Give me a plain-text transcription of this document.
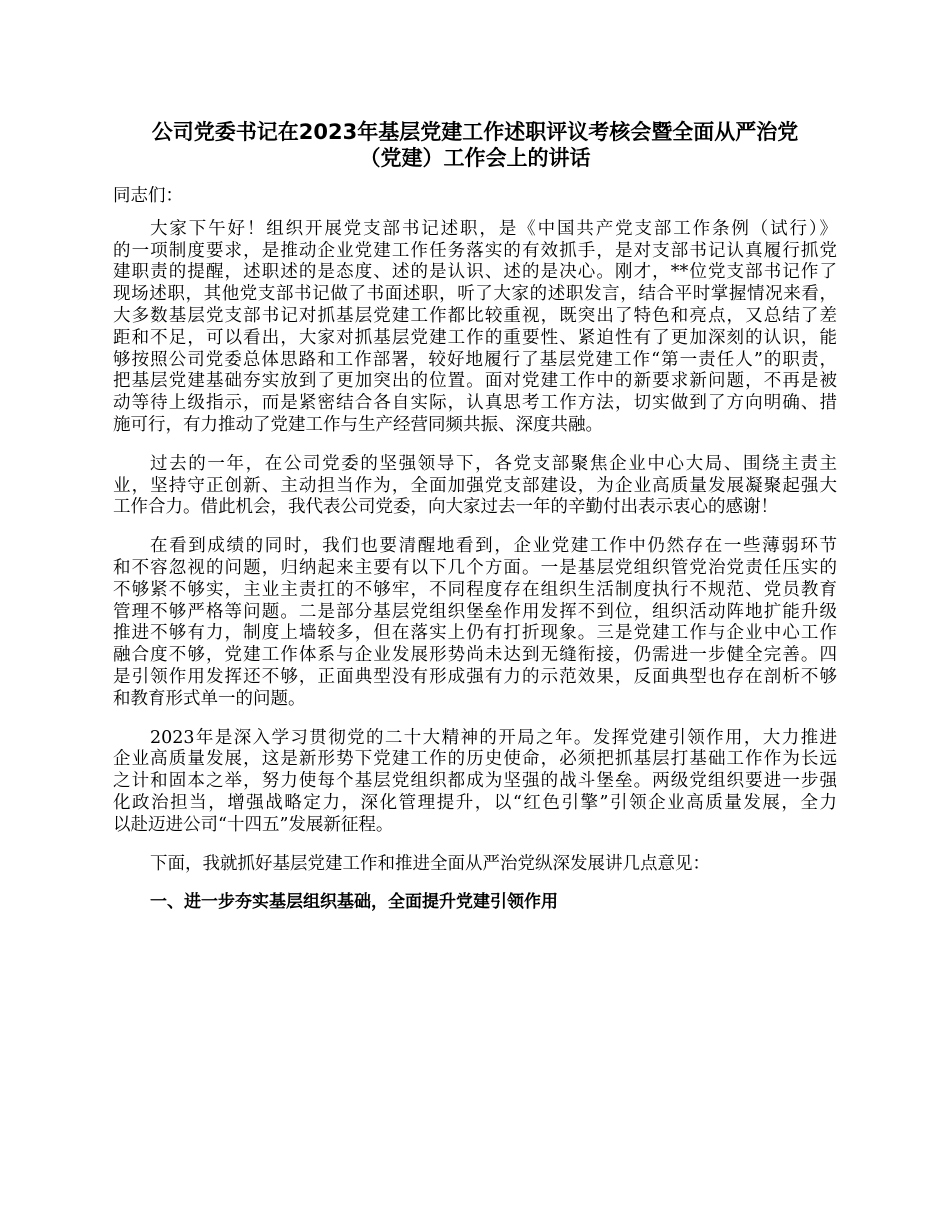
公司党委书记在2023年基层党建工作述职评议考核会暨全面从严治党
（党建）工作会上的讲话
同志们：
大家下午好！组织开展党支部书记述职，是《中国共产党支部工作条例（试行）》
的一项制度要求，是推动企业党建工作任务落实的有效抓手，是对支部书记认真履行抓党
建职责的提醒，述职述的是态度、述的是认识、述的是决心。刚才，**位党支部书记作了
现场述职，其他党支部书记做了书面述职，听了大家的述职发言，结合平时掌握情况来看，
大多数基层党支部书记对抓基层党建工作都比较重视，既突出了特色和亮点，又总结了差
距和不足，可以看出，大家对抓基层党建工作的重要性、紧迫性有了更加深刻的认识，能
够按照公司党委总体思路和工作部署，较好地履行了基层党建工作“第一责任人”的职责，
把基层党建基础夯实放到了更加突出的位置。面对党建工作中的新要求新问题，不再是被
动等待上级指示，而是紧密结合各自实际，认真思考工作方法，切实做到了方向明确、措
施可行，有力推动了党建工作与生产经营同频共振、深度共融。
过去的一年，在公司党委的坚强领导下，各党支部聚焦企业中心大局、围绕主责主
业，坚持守正创新、主动担当作为，全面加强党支部建设，为企业高质量发展凝聚起强大
工作合力。借此机会，我代表公司党委，向大家过去一年的辛勤付出表示衷心的感谢！
在看到成绩的同时，我们也要清醒地看到，企业党建工作中仍然存在一些薄弱环节
和不容忽视的问题，归纳起来主要有以下几个方面。一是基层党组织管党治党责任压实的
不够紧不够实，主业主责扛的不够牢，不同程度存在组织生活制度执行不规范、党员教育
管理不够严格等问题。二是部分基层党组织堡垒作用发挥不到位，组织活动阵地扩能升级
推进不够有力，制度上墙较多，但在落实上仍有打折现象。三是党建工作与企业中心工作
融合度不够，党建工作体系与企业发展形势尚未达到无缝衔接，仍需进一步健全完善。四
是引领作用发挥还不够，正面典型没有形成强有力的示范效果，反面典型也存在剖析不够
和教育形式单一的问题。
2023年是深入学习贯彻党的二十大精神的开局之年。发挥党建引领作用，大力推进
企业高质量发展，这是新形势下党建工作的历史使命，必须把抓基层打基础工作作为长远
之计和固本之举，努力使每个基层党组织都成为坚强的战斗堡垒。两级党组织要进一步强
化政治担当，增强战略定力，深化管理提升，以“红色引擎”引领企业高质量发展，全力
以赴迈进公司“十四五”发展新征程。
下面，我就抓好基层党建工作和推进全面从严治党纵深发展讲几点意见：
一、进一步夯实基层组织基础，全面提升党建引领作用
